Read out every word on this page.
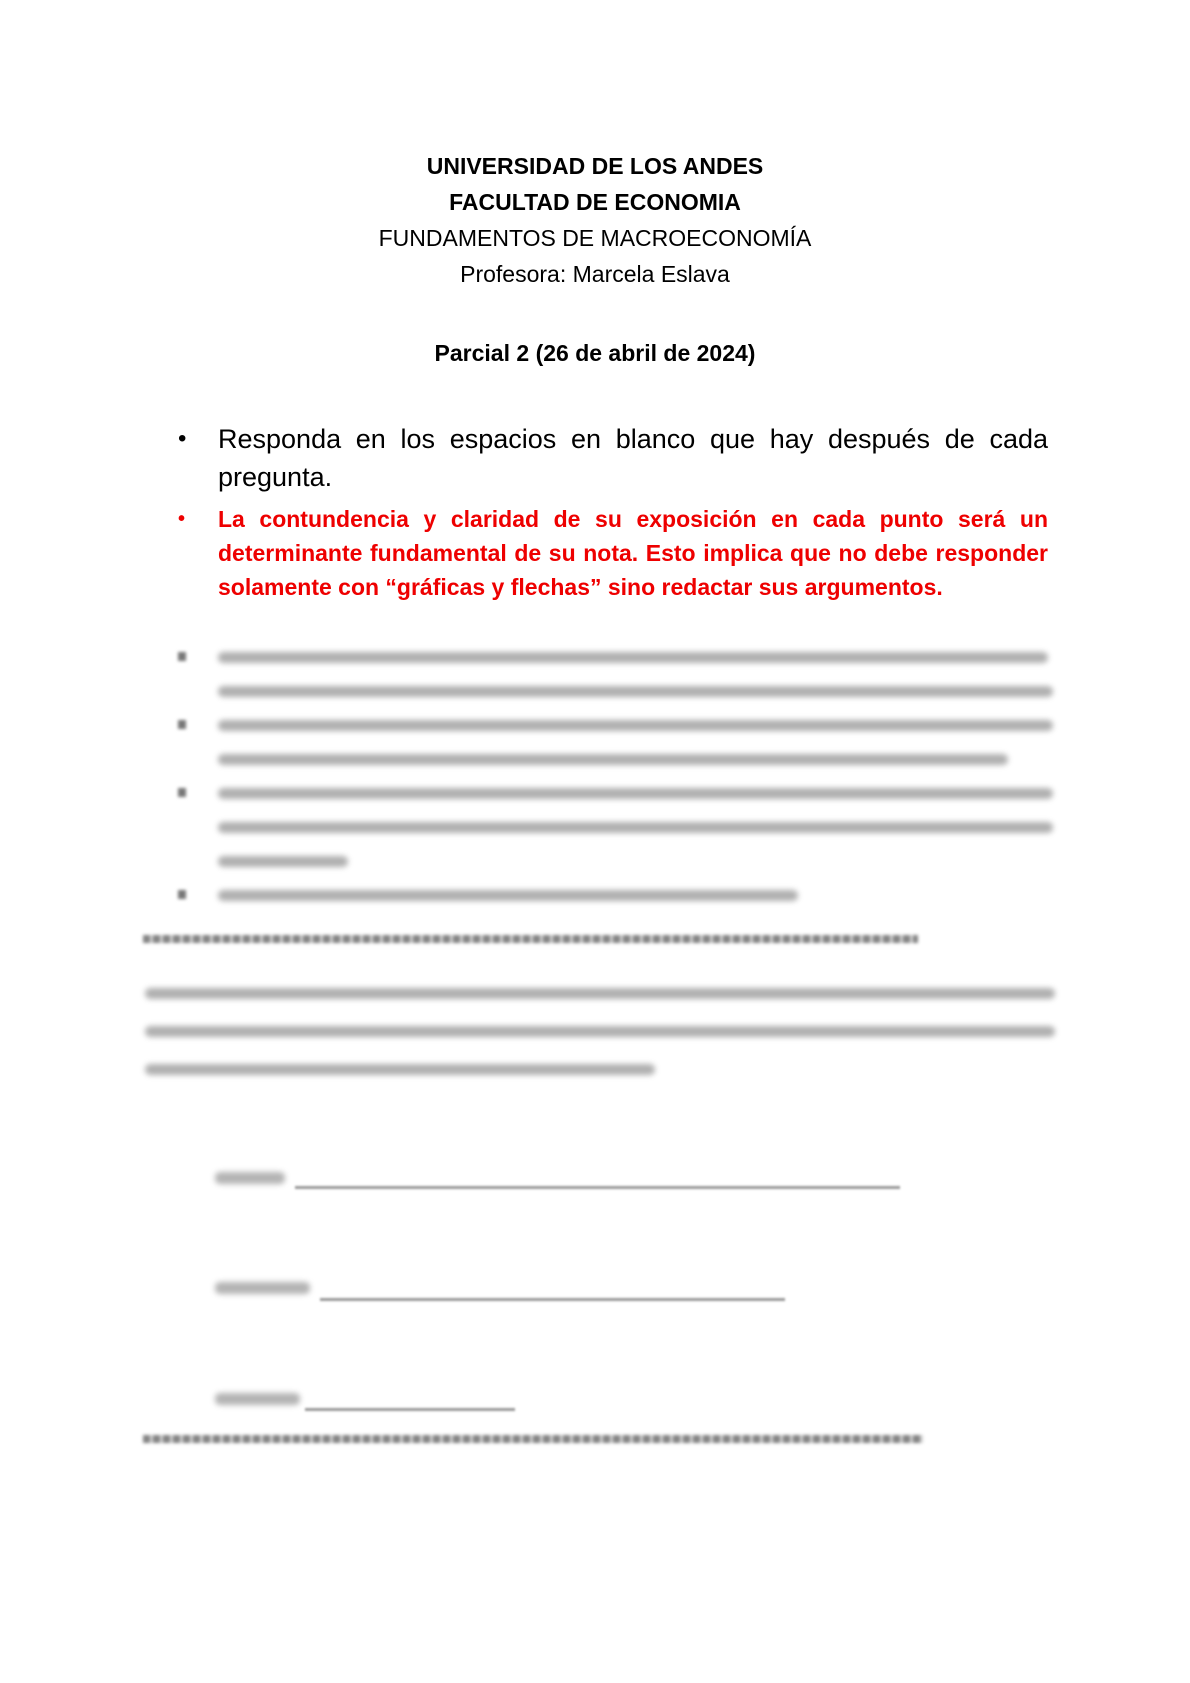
UNIVERSIDAD DE LOS ANDES
FACULTAD DE ECONOMIA
FUNDAMENTOS DE MACROECONOMÍA
Profesora: Marcela Eslava
Parcial 2 (26 de abril de 2024)
•	Responda en los espacios en blanco que hay después de cada pregunta.
•	La contundencia y claridad de su exposición en cada punto será un determinante fundamental de su nota. Esto implica que no debe responder solamente con “gráficas y flechas” sino redactar sus argumentos.
